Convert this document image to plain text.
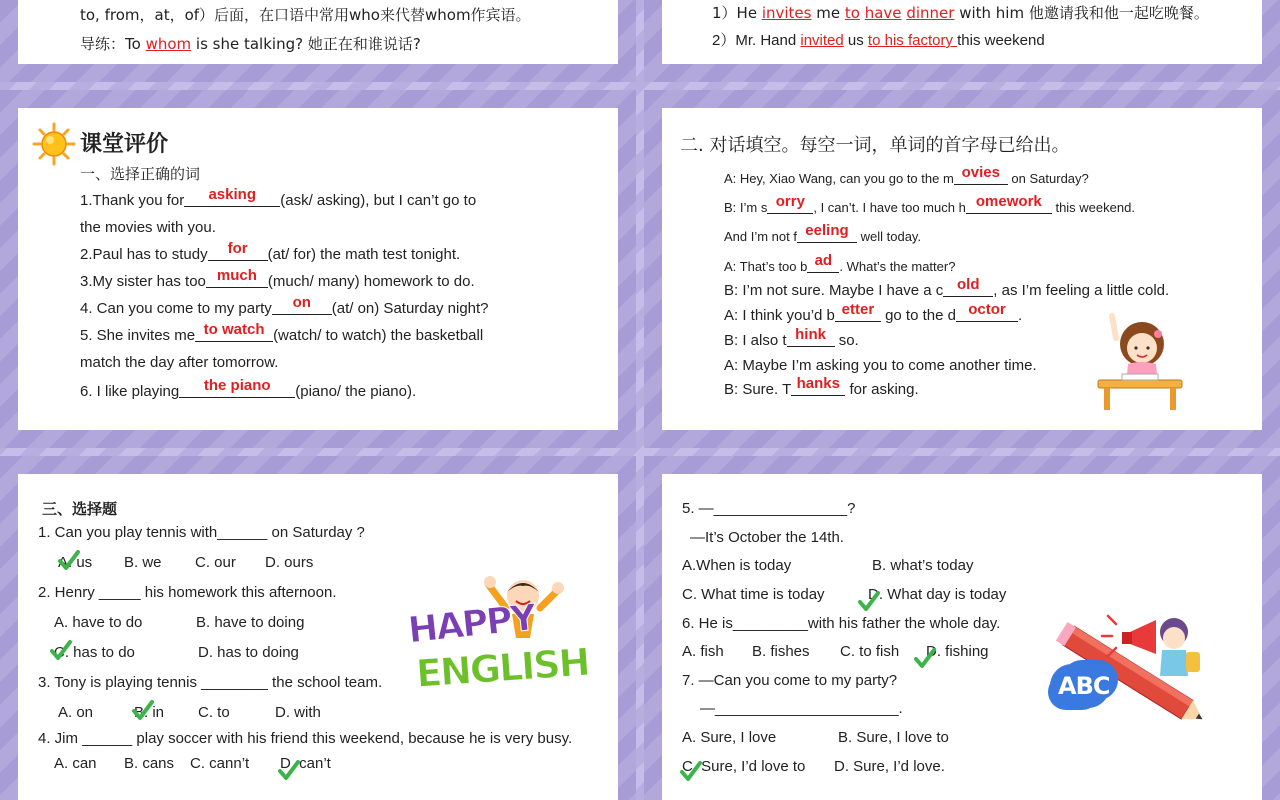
to, from，at，of）后面，在口语中常用who来代替whom作宾语。
导练：To whom is she talking? 她正在和谁说话?
1）He invites me to have dinner with him 他邀请我和他一起吃晚餐。
2）Mr. Hand invited us to his factory this weekend
课堂评价
一、选择正确的词
1.Thank you for asking (ask/ asking), but I can’t go to
the movies with you.
2.Paul has to study for (at/ for) the math test tonight.
3.My sister has too much (much/ many) homework to do.
4. Can you come to my party on (at/ on) Saturday night?
5. She invites me to watch (watch/ to watch) the basketball
match the day after tomorrow.
6. I like playing the piano (piano/ the piano).
二. 对话填空。每空一词，单词的首字母已给出。
A: Hey, Xiao Wang, can you go to the m ovies on Saturday?
B: I’m s orry , I can’t. I have too much h omework this weekend.
And I’m not f eeling well today.
A: That’s too b ad . What’s the matter?
B: I’m not sure. Maybe I have a c old , as I’m feeling a little cold.
A: I think you’d b etter go to the d octor .
B: I also t hink so.
A: Maybe I’m asking you to come another time.
B: Sure. T hanks for asking.
三、选择题
1. Can you play tennis with______ on Saturday ?
A. us B. we C. our D. ours
2. Henry _____ his homework this afternoon.
A. have to do	B. have to doing
C. has to do	D. has to doing
3. Tony is playing tennis ________ the school team.
A. on	B. in C. to	D. with
4. Jim ______ play soccer with his friend this weekend, because he is very busy.
A. can B. cans C. cann’t D. can’t
HAPPY
ENGLISH
5. —________________?
—It’s October the 14th.
A.When is today	B. what’s today
C. What time is today	D. What day is today
6. He is_________with his father the whole day.
A. fish B. fishes C. to fish D. fishing
7. —Can you come to my party?
—______________________.
A. Sure, I love	B. Sure, I love to
C. Sure, I’d love to D. Sure, I’d love.
ABC
